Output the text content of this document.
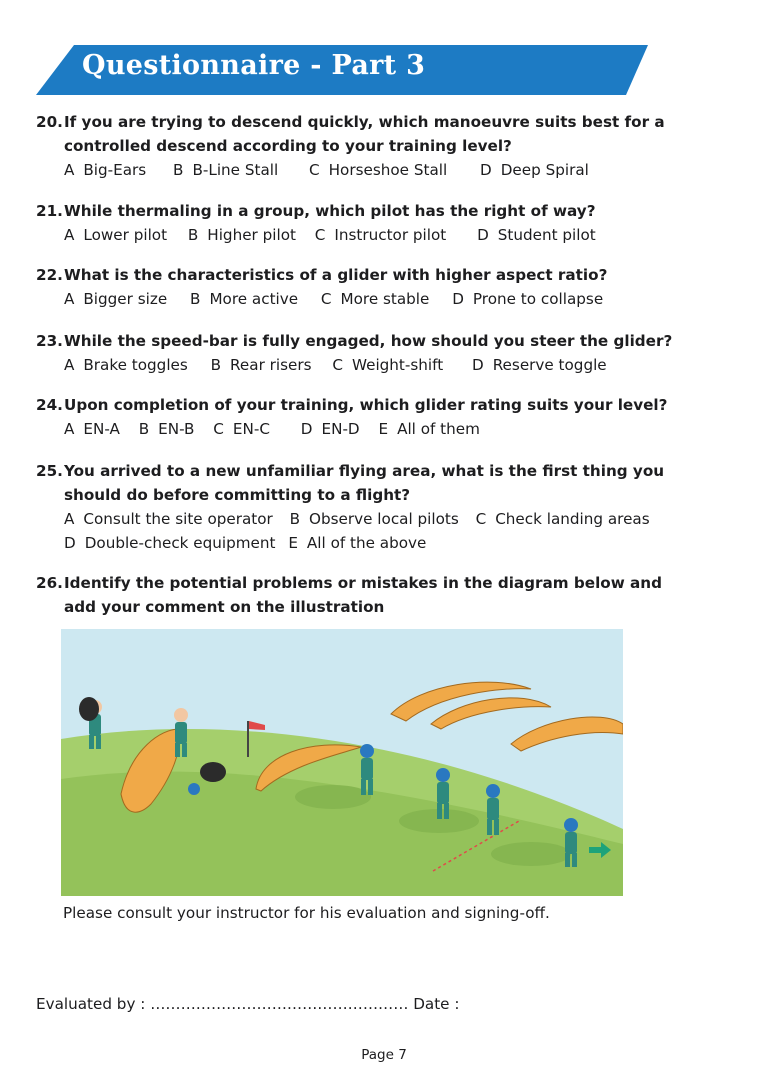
Questionnaire - Part 3
20.If you are trying to descend quickly, which manoeuvre suits best for a
controlled descend according to your training level?
A Big-Ears B B-Line Stall C Horseshoe Stall D Deep Spiral
21.While thermaling in a group, which pilot has the right of way?
A Lower pilot B Higher pilot C Instructor pilot D Student pilot
22.What is the characteristics of a glider with higher aspect ratio?
A Bigger size B More active C More stable D Prone to collapse
23.While the speed-bar is fully engaged, how should you steer the glider?
A Brake toggles B Rear risers C Weight-shift D Reserve toggle
24.Upon completion of your training, which glider rating suits your level?
A EN-A B EN-B C EN-C D EN-D E All of them
25.You arrived to a new unfamiliar flying area, what is the first thing you
should do before committing to a flight?
A Consult the site operator B Observe local pilots C Check landing areas
D Double-check equipment E All of the above
26.Identify the potential problems or mistakes in the diagram below and
add your comment on the illustration
Please consult your instructor for his evaluation and signing-off.
Evaluated by : …………………………………………… Date :
Page 7
